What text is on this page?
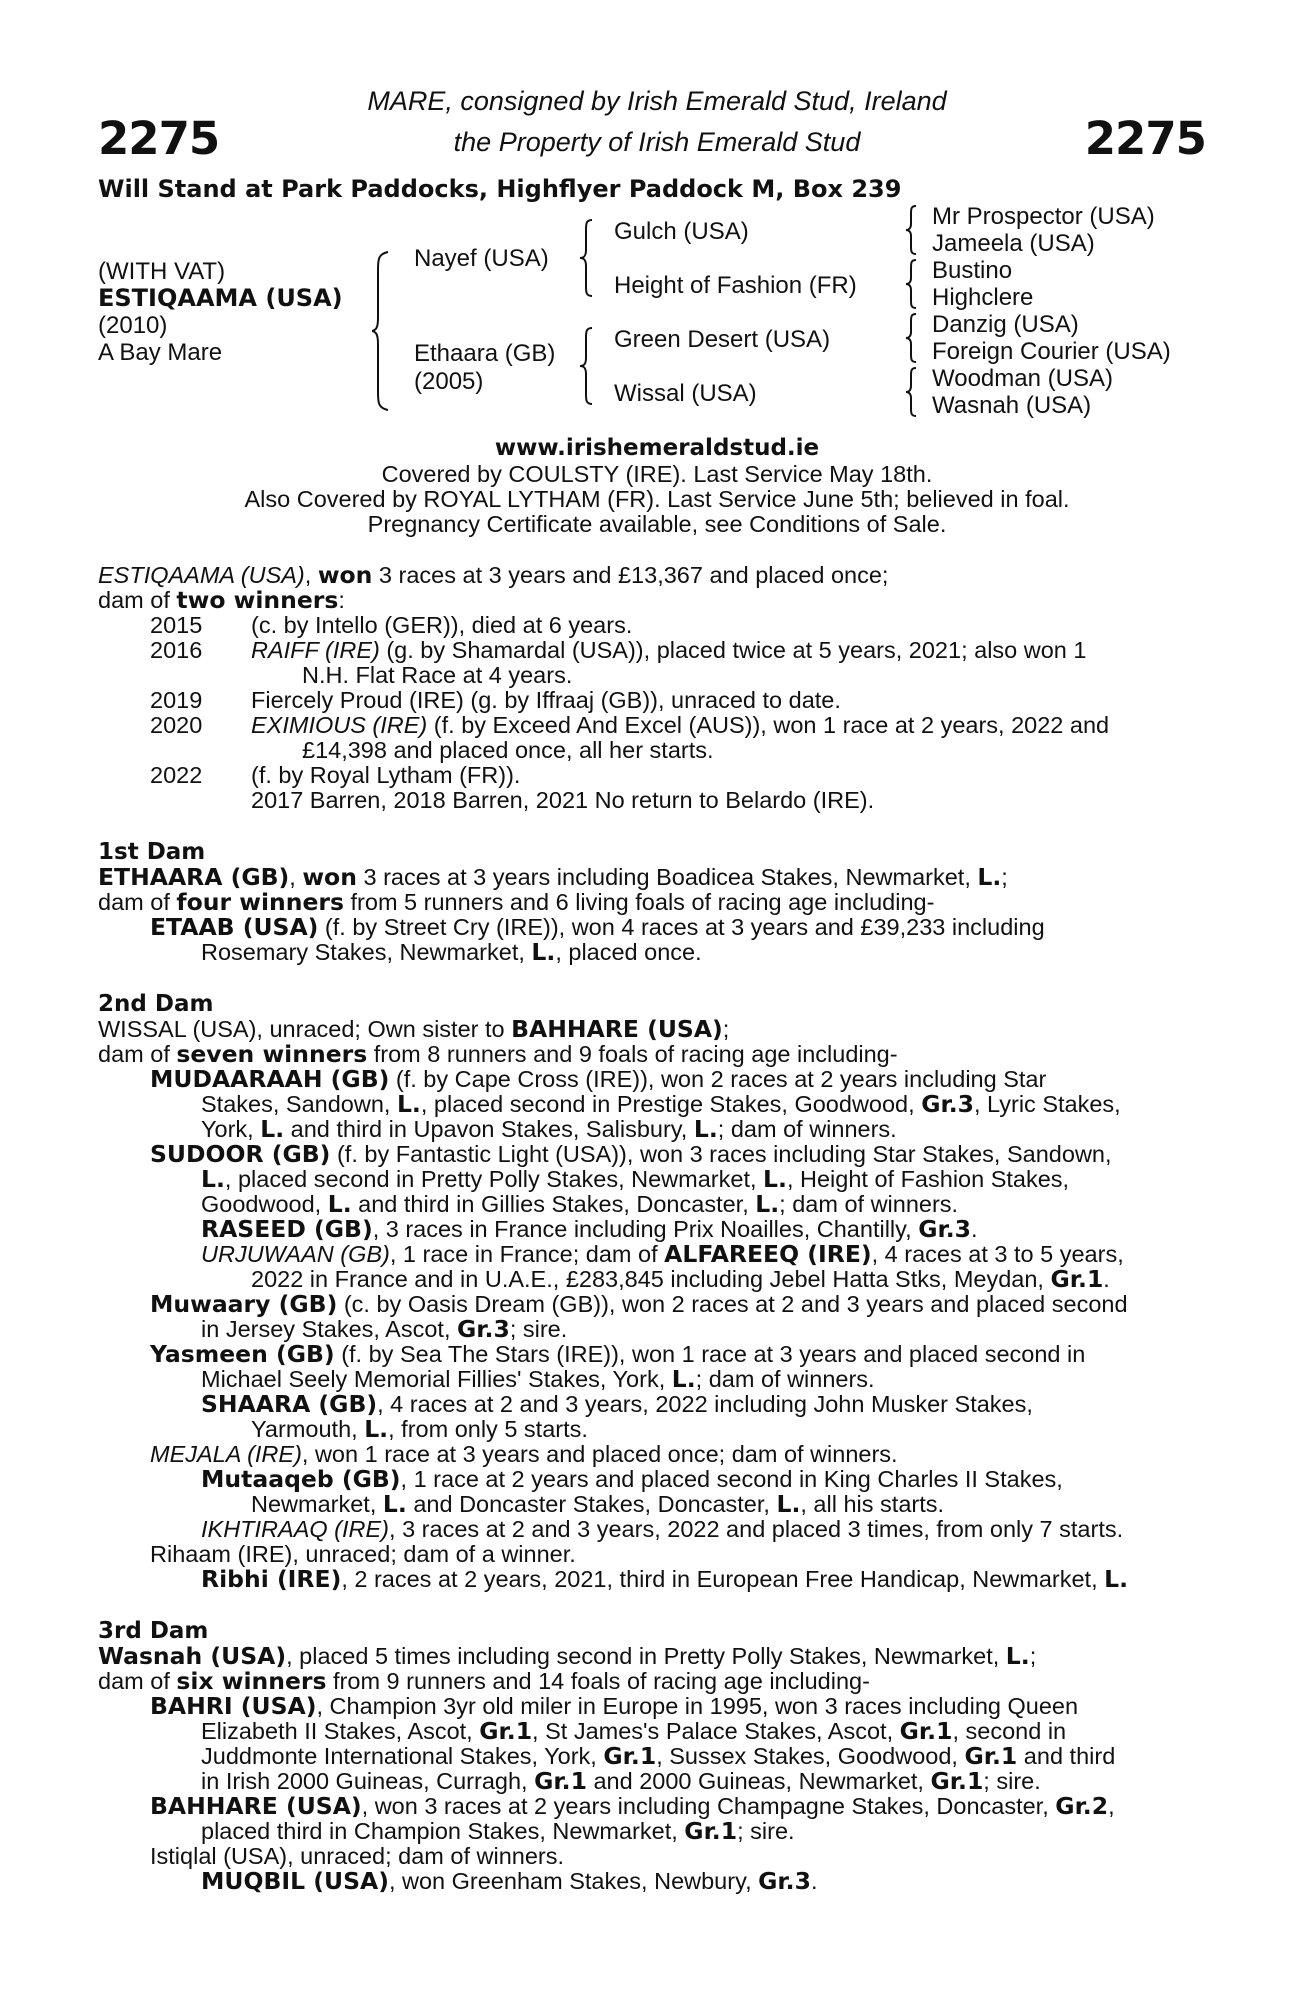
2275	2275
MARE, consigned by Irish Emerald Stud, Ireland
the Property of Irish Emerald Stud
Will Stand at Park Paddocks, Highflyer Paddock M, Box 239
(WITH VAT)
ESTIQAAMA (USA)
(2010)
A Bay Mare
Nayef (USA)
Ethaara (GB)
(2005)
Gulch (USA)
Height of Fashion (FR)
Green Desert (USA)
Wissal (USA)
Mr Prospector (USA)
Jameela (USA)
Bustino
Highclere
Danzig (USA)
Foreign Courier (USA)
Woodman (USA)
Wasnah (USA)
www.irishemeraldstud.ie
Covered by COULSTY (IRE). Last Service May 18th.
Also Covered by ROYAL LYTHAM (FR). Last Service June 5th; believed in foal.
Pregnancy Certificate available, see Conditions of Sale.
ESTIQAAMA (USA), won 3 races at 3 years and £13,367 and placed once;
dam of two winners:
2015 (c. by Intello (GER)), died at 6 years.
2016 RAIFF (IRE) (g. by Shamardal (USA)), placed twice at 5 years, 2021; also won 1
N.H. Flat Race at 4 years.
2019 Fiercely Proud (IRE) (g. by Iffraaj (GB)), unraced to date.
2020 EXIMIOUS (IRE) (f. by Exceed And Excel (AUS)), won 1 race at 2 years, 2022 and
£14,398 and placed once, all her starts.
2022 (f. by Royal Lytham (FR)).
2017 Barren, 2018 Barren, 2021 No return to Belardo (IRE).
1st Dam
ETHAARA (GB), won 3 races at 3 years including Boadicea Stakes, Newmarket, L.;
dam of four winners from 5 runners and 6 living foals of racing age including-
ETAAB (USA) (f. by Street Cry (IRE)), won 4 races at 3 years and £39,233 including
Rosemary Stakes, Newmarket, L., placed once.
2nd Dam
WISSAL (USA), unraced; Own sister to BAHHARE (USA);
dam of seven winners from 8 runners and 9 foals of racing age including-
MUDAARAAH (GB) (f. by Cape Cross (IRE)), won 2 races at 2 years including Star
Stakes, Sandown, L., placed second in Prestige Stakes, Goodwood, Gr.3, Lyric Stakes,
York, L. and third in Upavon Stakes, Salisbury, L.; dam of winners.
SUDOOR (GB) (f. by Fantastic Light (USA)), won 3 races including Star Stakes, Sandown,
L., placed second in Pretty Polly Stakes, Newmarket, L., Height of Fashion Stakes,
Goodwood, L. and third in Gillies Stakes, Doncaster, L.; dam of winners.
RASEED (GB), 3 races in France including Prix Noailles, Chantilly, Gr.3.
URJUWAAN (GB), 1 race in France; dam of ALFAREEQ (IRE), 4 races at 3 to 5 years,
2022 in France and in U.A.E., £283,845 including Jebel Hatta Stks, Meydan, Gr.1.
Muwaary (GB) (c. by Oasis Dream (GB)), won 2 races at 2 and 3 years and placed second
in Jersey Stakes, Ascot, Gr.3; sire.
Yasmeen (GB) (f. by Sea The Stars (IRE)), won 1 race at 3 years and placed second in
Michael Seely Memorial Fillies' Stakes, York, L.; dam of winners.
SHAARA (GB), 4 races at 2 and 3 years, 2022 including John Musker Stakes,
Yarmouth, L., from only 5 starts.
MEJALA (IRE), won 1 race at 3 years and placed once; dam of winners.
Mutaaqeb (GB), 1 race at 2 years and placed second in King Charles II Stakes,
Newmarket, L. and Doncaster Stakes, Doncaster, L., all his starts.
IKHTIRAAQ (IRE), 3 races at 2 and 3 years, 2022 and placed 3 times, from only 7 starts.
Rihaam (IRE), unraced; dam of a winner.
Ribhi (IRE), 2 races at 2 years, 2021, third in European Free Handicap, Newmarket, L.
3rd Dam
Wasnah (USA), placed 5 times including second in Pretty Polly Stakes, Newmarket, L.;
dam of six winners from 9 runners and 14 foals of racing age including-
BAHRI (USA), Champion 3yr old miler in Europe in 1995, won 3 races including Queen
Elizabeth II Stakes, Ascot, Gr.1, St James's Palace Stakes, Ascot, Gr.1, second in
Juddmonte International Stakes, York, Gr.1, Sussex Stakes, Goodwood, Gr.1 and third
in Irish 2000 Guineas, Curragh, Gr.1 and 2000 Guineas, Newmarket, Gr.1; sire.
BAHHARE (USA), won 3 races at 2 years including Champagne Stakes, Doncaster, Gr.2,
placed third in Champion Stakes, Newmarket, Gr.1; sire.
Istiqlal (USA), unraced; dam of winners.
MUQBIL (USA), won Greenham Stakes, Newbury, Gr.3.
